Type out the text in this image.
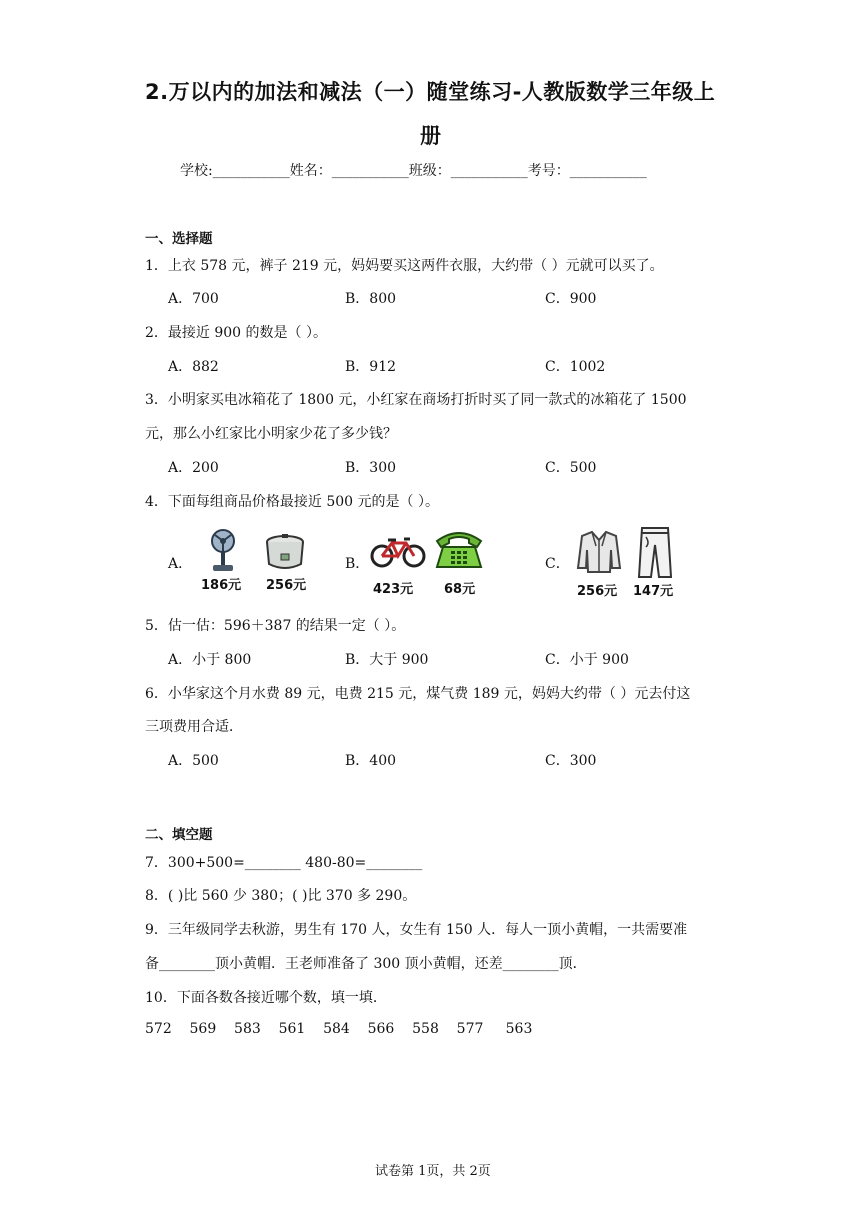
2.万以内的加法和减法（一）随堂练习-人教版数学三年级上
册
学校:___________姓名：___________班级：___________考号：___________
一、选择题
1．上衣 578 元，裤子 219 元，妈妈要买这两件衣服，大约带（ ）元就可以买了。
A．700	B．800	C．900
2．最接近 900 的数是（ ）。
A．882	B．912	C．1002
3．小明家买电冰箱花了 1800 元，小红家在商场打折时买了同一款式的冰箱花了 1500
元，那么小红家比小明家少花了多少钱？
A．200	B．300	C．500
4．下面每组商品价格最接近 500 元的是（ ）。
A．	B．	C．
186元 256元	423元 68元	256元 147元
5．估一估：596＋387 的结果一定（ ）。
A．小于 800	B．大于 900	C．小于 900
6．小华家这个月水费 89 元，电费 215 元，煤气费 189 元，妈妈大约带（ ）元去付这
三项费用合适．
A．500	B．400	C．300
二、填空题
7．300+500=________ 480-80=________
8．( )比 560 少 380；( )比 370 多 290。
9．三年级同学去秋游，男生有 170 人，女生有 150 人．每人一顶小黄帽，一共需要准
备________顶小黄帽．王老师准备了 300 顶小黄帽，还差________顶．
10．下面各数各接近哪个数，填一填．
572    569    583    561    584    566    558    577     563
试卷第 1页，共 2页
